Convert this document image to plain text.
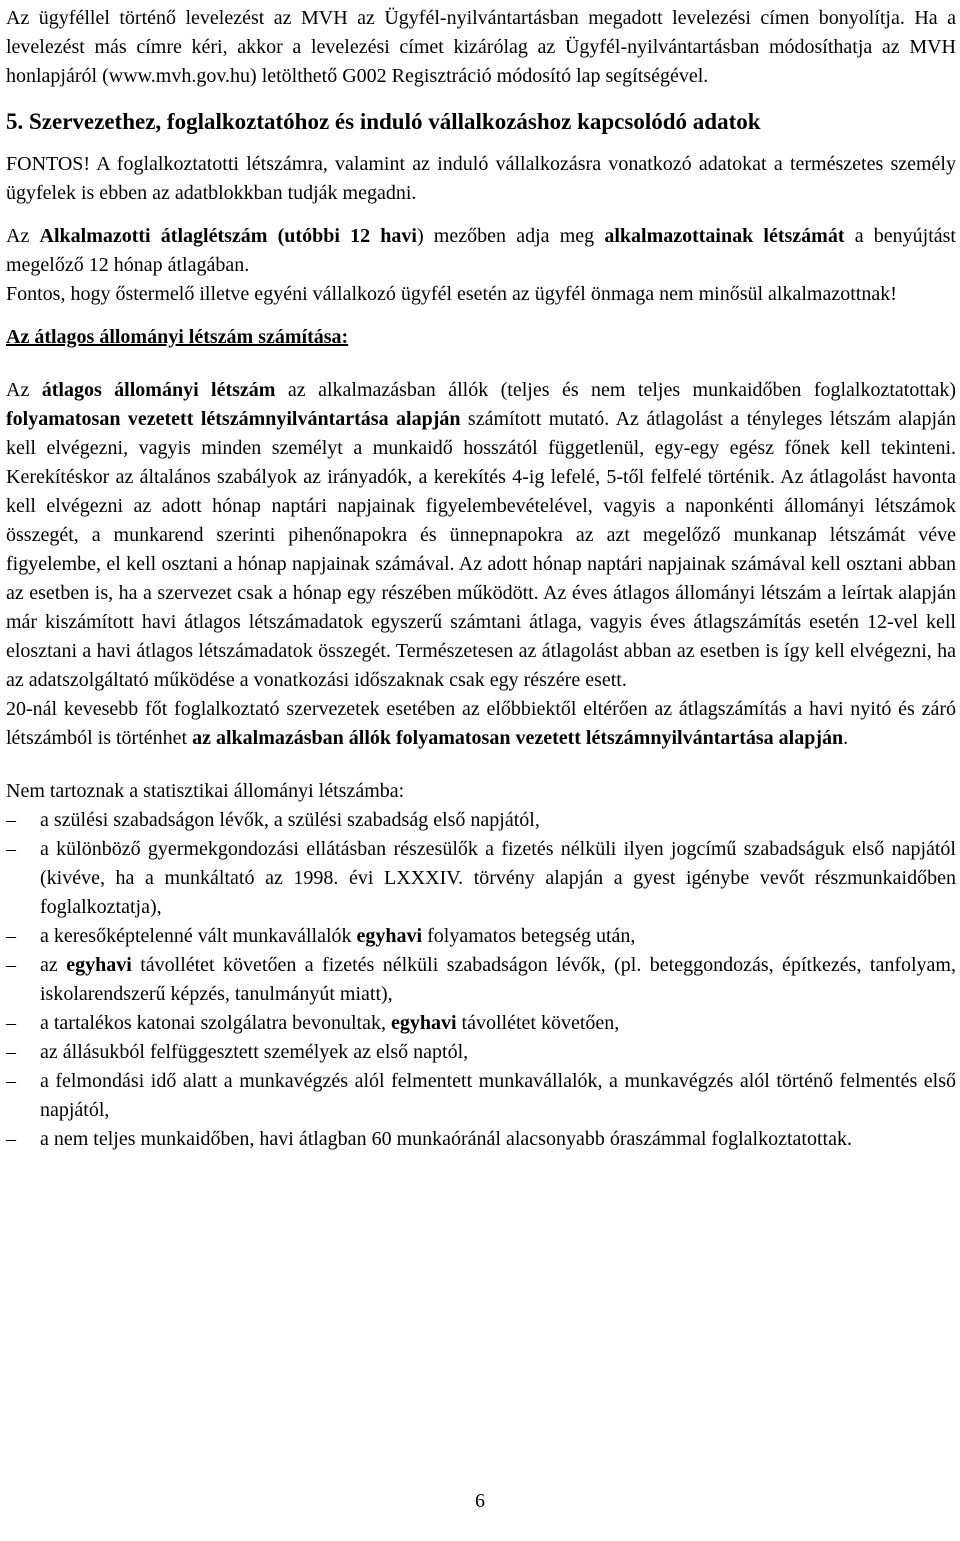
Az ügyféllel történő levelezést az MVH az Ügyfél-nyilvántartásban megadott levelezési címen bonyolítja. Ha a levelezést más címre kéri, akkor a levelezési címet kizárólag az Ügyfél-nyilvántartásban módosíthatja az MVH honlapjáról (www.mvh.gov.hu) letölthető G002 Regisztráció módosító lap segítségével.

5. Szervezethez, foglalkoztatóhoz és induló vállalkozáshoz kapcsolódó adatok

FONTOS! A foglalkoztatotti létszámra, valamint az induló vállalkozásra vonatkozó adatokat a természetes személy ügyfelek is ebben az adatblokkban tudják megadni.

Az Alkalmazotti átlaglétszám (utóbbi 12 havi) mezőben adja meg alkalmazottainak létszámát a benyújtást megelőző 12 hónap átlagában.

Fontos, hogy őstermelő illetve egyéni vállalkozó ügyfél esetén az ügyfél önmaga nem minősül alkalmazottnak!

Az átlagos állományi létszám számítása:

Az átlagos állományi létszám az alkalmazásban állók (teljes és nem teljes munkaidőben foglalkoztatottak) folyamatosan vezetett létszámnyilvántartása alapján számított mutató. Az átlagolást a tényleges létszám alapján kell elvégezni, vagyis minden személyt a munkaidő hosszától függetlenül, egy-egy egész főnek kell tekinteni. Kerekítéskor az általános szabályok az irányadók, a kerekítés 4-ig lefelé, 5-től felfelé történik. Az átlagolást havonta kell elvégezni az adott hónap naptári napjainak figyelembevételével, vagyis a naponkénti állományi létszámok összegét, a munkarend szerinti pihenőnapokra és ünnepnapokra az azt megelőző munkanap létszámát véve figyelembe, el kell osztani a hónap napjainak számával. Az adott hónap naptári napjainak számával kell osztani abban az esetben is, ha a szervezet csak a hónap egy részében működött. Az éves átlagos állományi létszám a leírtak alapján már kiszámított havi átlagos létszámadatok egyszerű számtani átlaga, vagyis éves átlagszámítás esetén 12-vel kell elosztani a havi átlagos létszámadatok összegét. Természetesen az átlagolást abban az esetben is így kell elvégezni, ha az adatszolgáltató működése a vonatkozási időszaknak csak egy részére esett.

20-nál kevesebb főt foglalkoztató szervezetek esetében az előbbiektől eltérően az átlagszámítás a havi nyitó és záró létszámból is történhet az alkalmazásban állók folyamatosan vezetett létszámnyilvántartása alapján.

Nem tartoznak a statisztikai állományi létszámba:

– a szülési szabadságon lévők, a szülési szabadság első napjától,
– a különböző gyermekgondozási ellátásban részesülők a fizetés nélküli ilyen jogcímű szabadságuk első napjától (kivéve, ha a munkáltató az 1998. évi LXXXIV. törvény alapján a gyest igénybe vevőt részmunkaidőben foglalkoztatja),
– a keresőképtelenné vált munkavállalók egyhavi folyamatos betegség után,
– az egyhavi távollétet követően a fizetés nélküli szabadságon lévők, (pl. beteggondozás, építkezés, tanfolyam, iskolarendszerű képzés, tanulmányút miatt),
– a tartalékos katonai szolgálatra bevonultak, egyhavi távollétet követően,
– az állásukból felfüggesztett személyek az első naptól,
– a felmondási idő alatt a munkavégzés alól felmentett munkavállalók, a munkavégzés alól történő felmentés első napjától,
– a nem teljes munkaidőben, havi átlagban 60 munkaóránál alacsonyabb óraszámmal foglalkoztatottak.
6
